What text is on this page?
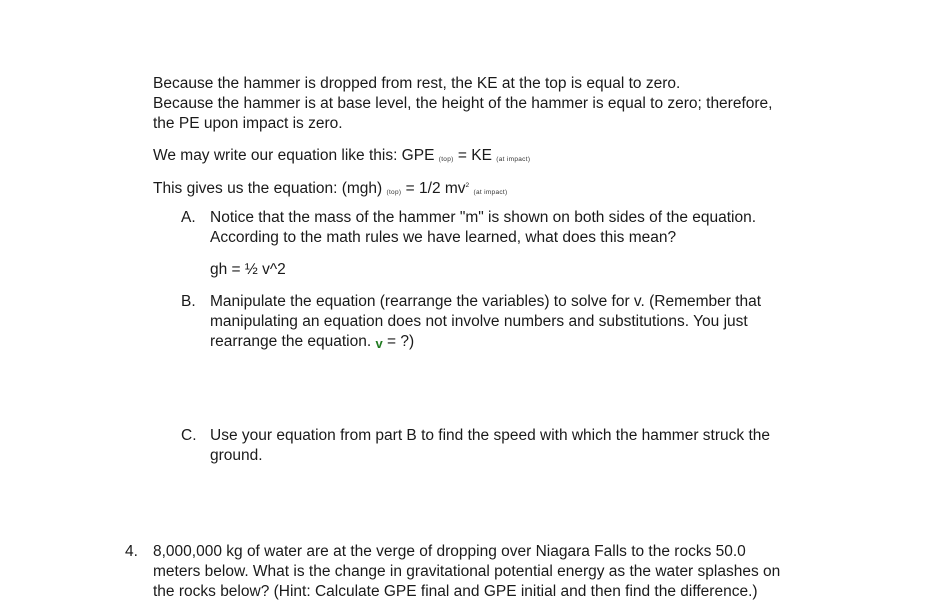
Because the hammer is dropped from rest, the KE at the top is equal to zero.
Because the hammer is at base level, the height of the hammer is equal to zero; therefore,
the PE upon impact is zero.
We may write our equation like this: GPE (top) = KE (at impact)
This gives us the equation: (mgh) (top) = 1/2 $mv^2$ (at impact)
A. Notice that the mass of the hammer "m" is shown on both sides of the equation.
According to the math rules we have learned, what does this mean?
gh = ½ v^2
B. Manipulate the equation (rearrange the variables) to solve for v. (Remember that
manipulating an equation does not involve numbers and substitutions. You just
rearrange the equation. v = ?)
C. Use your equation from part B to find the speed with which the hammer struck the
ground.
4. 8,000,000 kg of water are at the verge of dropping over Niagara Falls to the rocks 50.0
meters below. What is the change in gravitational potential energy as the water splashes on
the rocks below? (Hint: Calculate GPE final and GPE initial and then find the difference.)
